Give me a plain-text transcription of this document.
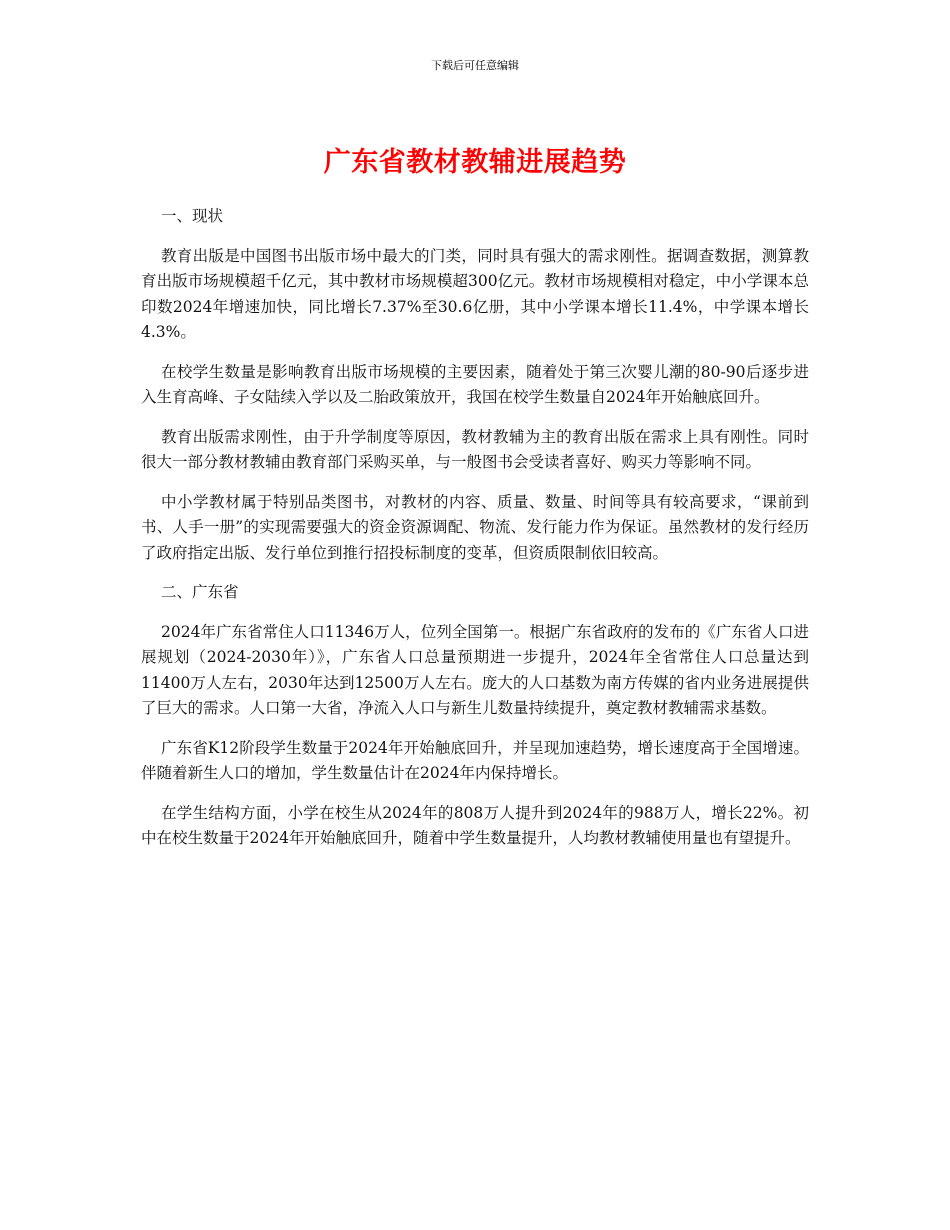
下载后可任意编辑
广东省教材教辅进展趋势

一、现状

教育出版是中国图书出版市场中最大的门类，同时具有强大的需求刚性。据调查数据，测算教育出版市场规模超千亿元，其中教材市场规模超300亿元。教材市场规模相对稳定，中小学课本总印数2024年增速加快，同比增长7.37%至30.6亿册，其中小学课本增长11.4%，中学课本增长4.3%。

在校学生数量是影响教育出版市场规模的主要因素，随着处于第三次婴儿潮的80-90后逐步进入生育高峰、子女陆续入学以及二胎政策放开，我国在校学生数量自2024年开始触底回升。

教育出版需求刚性，由于升学制度等原因，教材教辅为主的教育出版在需求上具有刚性。同时很大一部分教材教辅由教育部门采购买单，与一般图书会受读者喜好、购买力等影响不同。

中小学教材属于特别品类图书，对教材的内容、质量、数量、时间等具有较高要求，“课前到书、人手一册”的实现需要强大的资金资源调配、物流、发行能力作为保证。虽然教材的发行经历了政府指定出版、发行单位到推行招投标制度的变革，但资质限制依旧较高。

二、广东省

2024年广东省常住人口11346万人，位列全国第一。根据广东省政府的发布的《广东省人口进展规划（2024-2030年）》，广东省人口总量预期进一步提升，2024年全省常住人口总量达到11400万人左右，2030年达到12500万人左右。庞大的人口基数为南方传媒的省内业务进展提供了巨大的需求。人口第一大省，净流入人口与新生儿数量持续提升，奠定教材教辅需求基数。

广东省K12阶段学生数量于2024年开始触底回升，并呈现加速趋势，增长速度高于全国增速。伴随着新生人口的增加，学生数量估计在2024年内保持增长。

在学生结构方面，小学在校生从2024年的808万人提升到2024年的988万人，增长22%。初中在校生数量于2024年开始触底回升，随着中学生数量提升，人均教材教辅使用量也有望提升。
